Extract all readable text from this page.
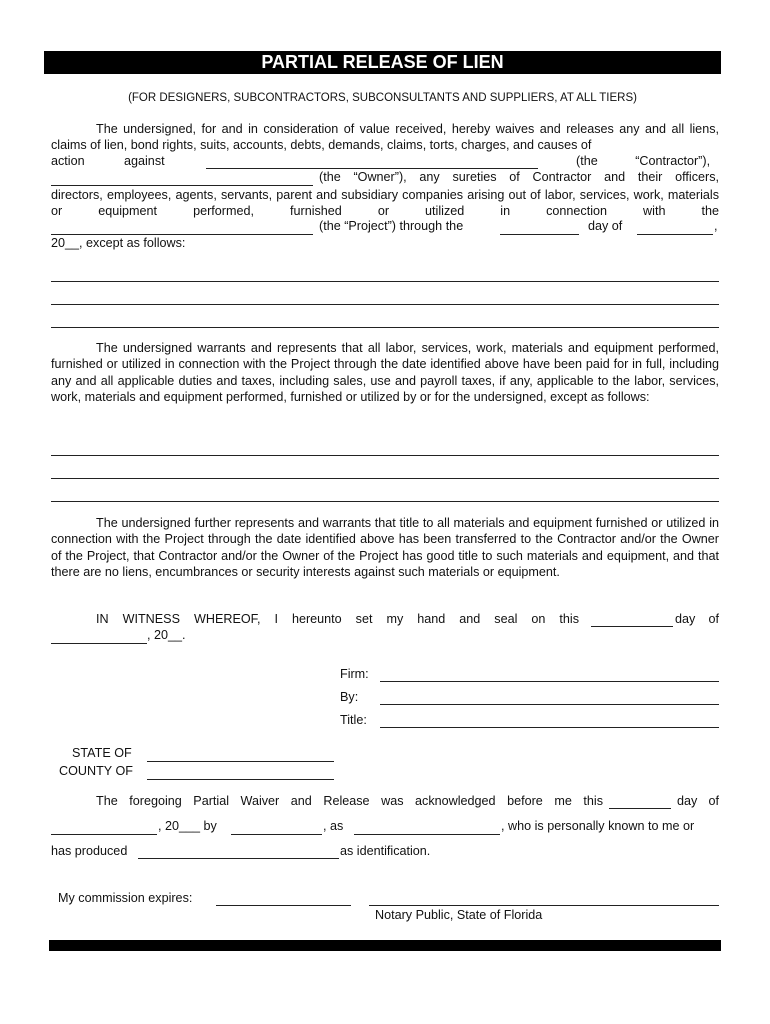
PARTIAL RELEASE OF LIEN
(FOR DESIGNERS, SUBCONTRACTORS, SUBCONSULTANTS AND SUPPLIERS, AT ALL TIERS)
The undersigned, for and in consideration of value received, hereby waives and releases any and all liens, claims of lien, bond rights, suits, accounts, debts, demands, claims, torts, charges, and causes of
action	against	(the “Contractor”),
(the “Owner”), any sureties of Contractor and their officers,
directors, employees, agents, servants, parent and subsidiary companies arising out of labor, services, work, materials or equipment performed, furnished or utilized in connection with the
(the “Project”) through the	day of	,
20__, except as follows:
The undersigned warrants and represents that all labor, services, work, materials and equipment performed, furnished or utilized in connection with the Project through the date identified above have been paid for in full, including any and all applicable duties and taxes, including sales, use and payroll taxes, if any, applicable to the labor, services, work, materials and equipment performed, furnished or utilized by or for the undersigned, except as follows:
The undersigned further represents and warrants that title to all materials and equipment furnished or utilized in connection with the Project through the date identified above has been transferred to the Contractor and/or the Owner of the Project, that Contractor and/or the Owner of the Project has good title to such materials and equipment, and that there are no liens, encumbrances or security interests against such materials or equipment.
IN WITNESS WHEREOF, I hereunto set my hand and seal on this	day of
, 20__.
Firm:
By:
Title:
STATE OF
COUNTY OF
The foregoing Partial Waiver and Release was acknowledged before me this	day of
, 20___ by	, as	, who is personally known to me or
has produced	as identification.
My commission expires:
Notary Public, State of Florida
